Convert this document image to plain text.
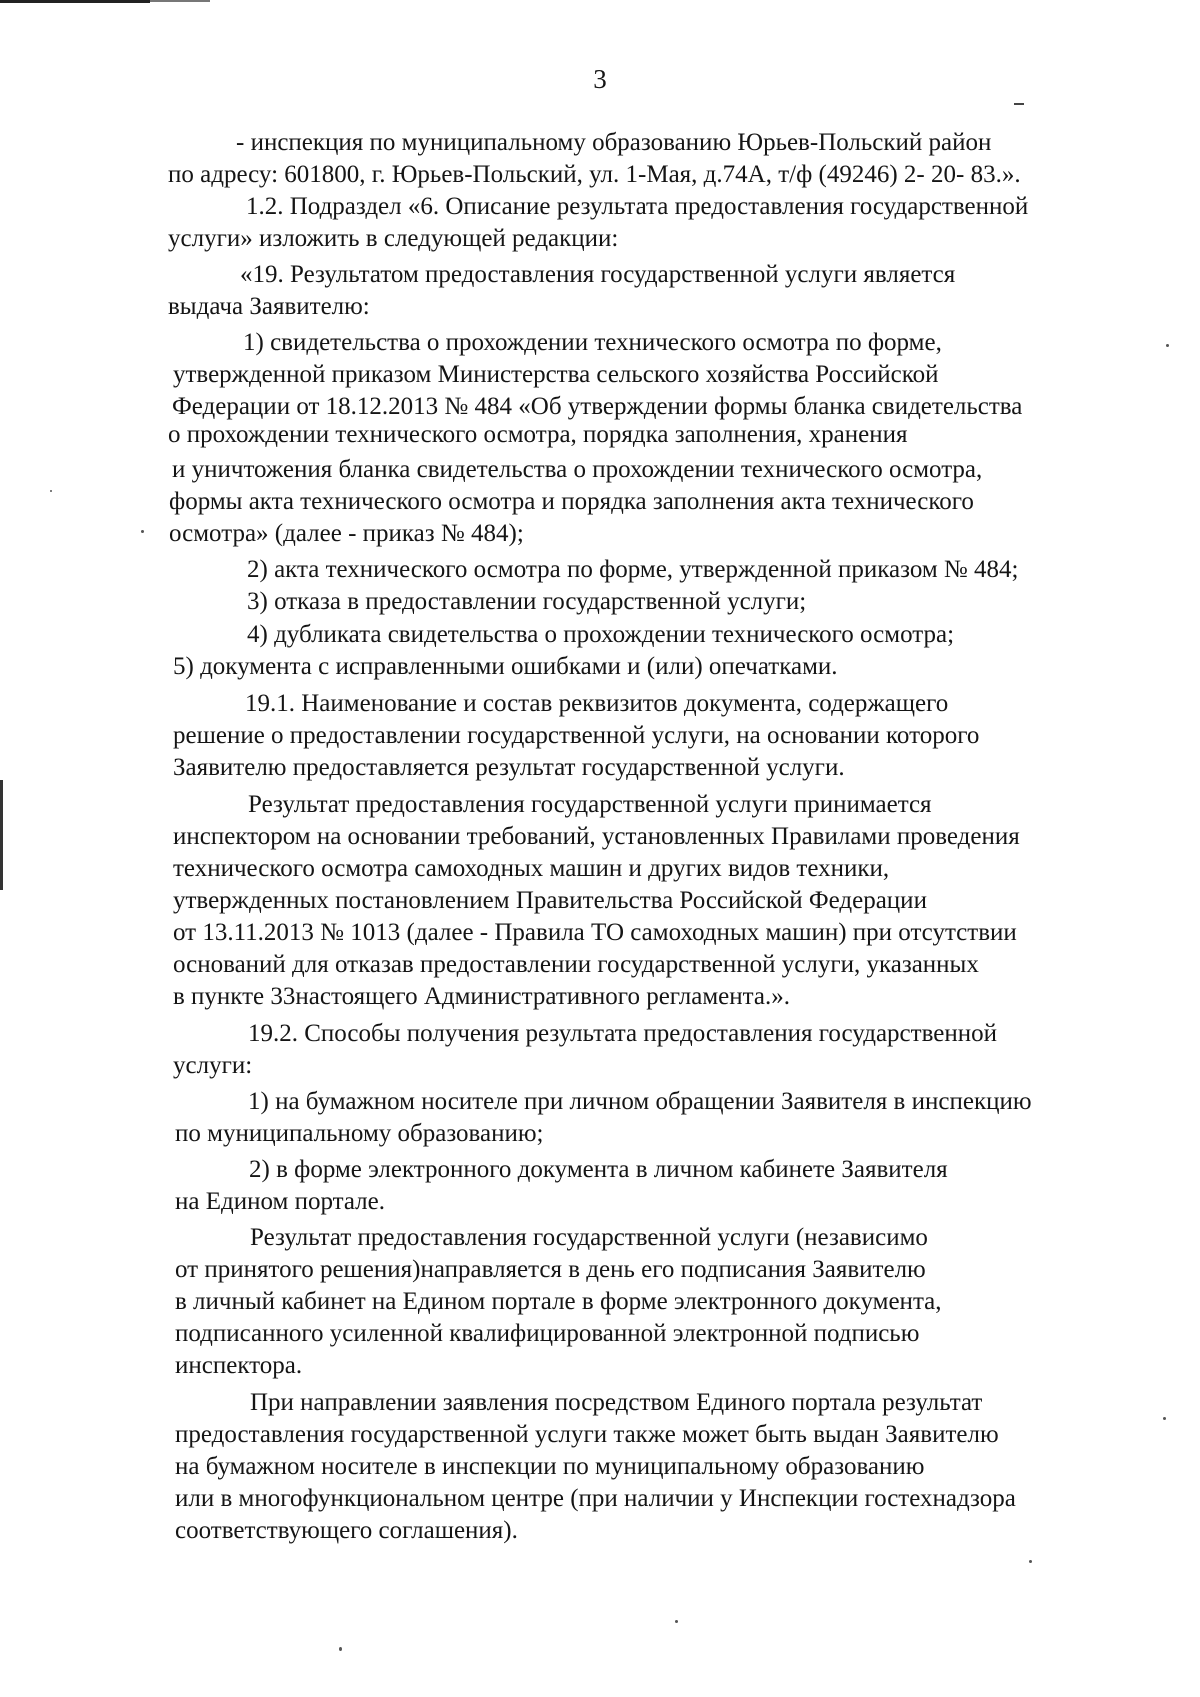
3
- инспекция по муниципальному образованию Юрьев-Польский район
по адресу: 601800, г. Юрьев-Польский, ул. 1-Мая, д.74А, т/ф (49246) 2- 20- 83.».
1.2. Подраздел «6. Описание результата предоставления государственной
услуги» изложить в следующей редакции:
«19. Результатом предоставления государственной услуги является
выдача Заявителю:
1) свидетельства о прохождении технического осмотра по форме,
утвержденной приказом Министерства сельского хозяйства Российской
Федерации от 18.12.2013 № 484 «Об утверждении формы бланка свидетельства
о прохождении технического осмотра, порядка заполнения, хранения
и уничтожения бланка свидетельства о прохождении технического осмотра,
формы акта технического осмотра и порядка заполнения акта технического
осмотра» (далее - приказ № 484);
2) акта технического осмотра по форме, утвержденной приказом № 484;
3) отказа в предоставлении государственной услуги;
4) дубликата свидетельства о прохождении технического осмотра;
5) документа с исправленными ошибками и (или) опечатками.
19.1. Наименование и состав реквизитов документа, содержащего
решение о предоставлении государственной услуги, на основании которого
Заявителю предоставляется результат государственной услуги.
Результат предоставления государственной услуги принимается
инспектором на основании требований, установленных Правилами проведения
технического осмотра самоходных машин и других видов техники,
утвержденных постановлением Правительства Российской Федерации
от 13.11.2013 № 1013 (далее - Правила ТО самоходных машин) при отсутствии
оснований для отказав предоставлении государственной услуги, указанных
в пункте 33настоящего Административного регламента.».
19.2. Способы получения результата предоставления государственной
услуги:
1) на бумажном носителе при личном обращении Заявителя в инспекцию
по муниципальному образованию;
2) в форме электронного документа в личном кабинете Заявителя
на Едином портале.
Результат предоставления государственной услуги (независимо
от принятого решения)направляется в день его подписания Заявителю
в личный кабинет на Едином портале в форме электронного документа,
подписанного усиленной квалифицированной электронной подписью
инспектора.
При направлении заявления посредством Единого портала результат
предоставления государственной услуги также может быть выдан Заявителю
на бумажном носителе в инспекции по муниципальному образованию
или в многофункциональном центре (при наличии у Инспекции гостехнадзора
соответствующего соглашения).
